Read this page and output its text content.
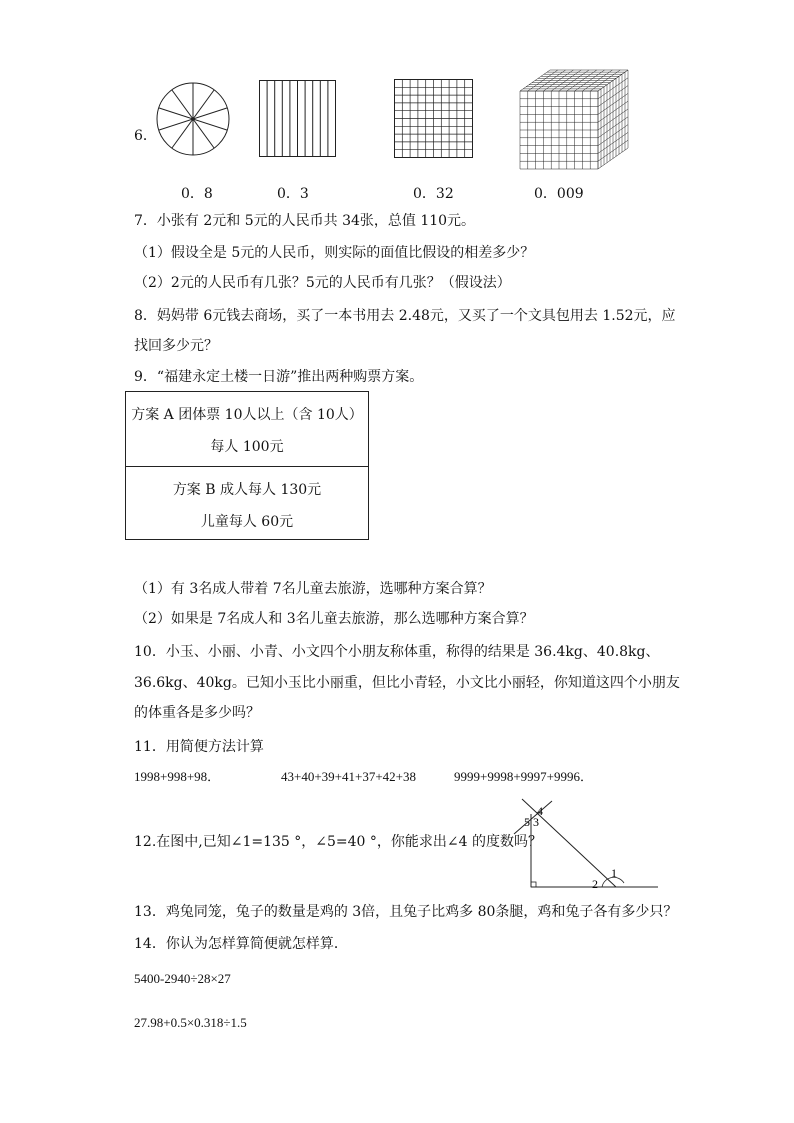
6．
0．8	0．3	0．32	0．009
7．小张有 2元和 5元的人民币共 34张，总值 110元。
（1）假设全是 5元的人民币，则实际的面值比假设的相差多少？
（2）2元的人民币有几张？5元的人民币有几张？（假设法）
8．妈妈带 6元钱去商场，买了一本书用去 2.48元，又买了一个文具包用去 1.52元，应
找回多少元？
9．“福建永定土楼一日游”推出两种购票方案。
方案 A 团体票 10人以上（含 10人）
每人 100元
方案 B 成人每人 130元
儿童每人 60元
（1）有 3名成人带着 7名儿童去旅游，选哪种方案合算？
（2）如果是 7名成人和 3名儿童去旅游，那么选哪种方案合算？
10．小玉、小丽、小青、小文四个小朋友称体重，称得的结果是 36.4kg、40.8kg、
36.6kg、40kg。已知小玉比小丽重，但比小青轻，小文比小丽轻，你知道这四个小朋友
的体重各是多少吗？
11．用简便方法计算
1998+998+98．	43+40+39+41+37+42+38	9999+9998+9997+9996．
12.在图中,已知∠1=135 °，∠5=40 °，你能求出∠4 的度数吗？
1
2
3
4
5
13．鸡兔同笼，兔子的数量是鸡的 3倍，且兔子比鸡多 80条腿，鸡和兔子各有多少只？
14．你认为怎样算简便就怎样算．
5400-2940÷28×27
27.98+0.5×0.318÷1.5
